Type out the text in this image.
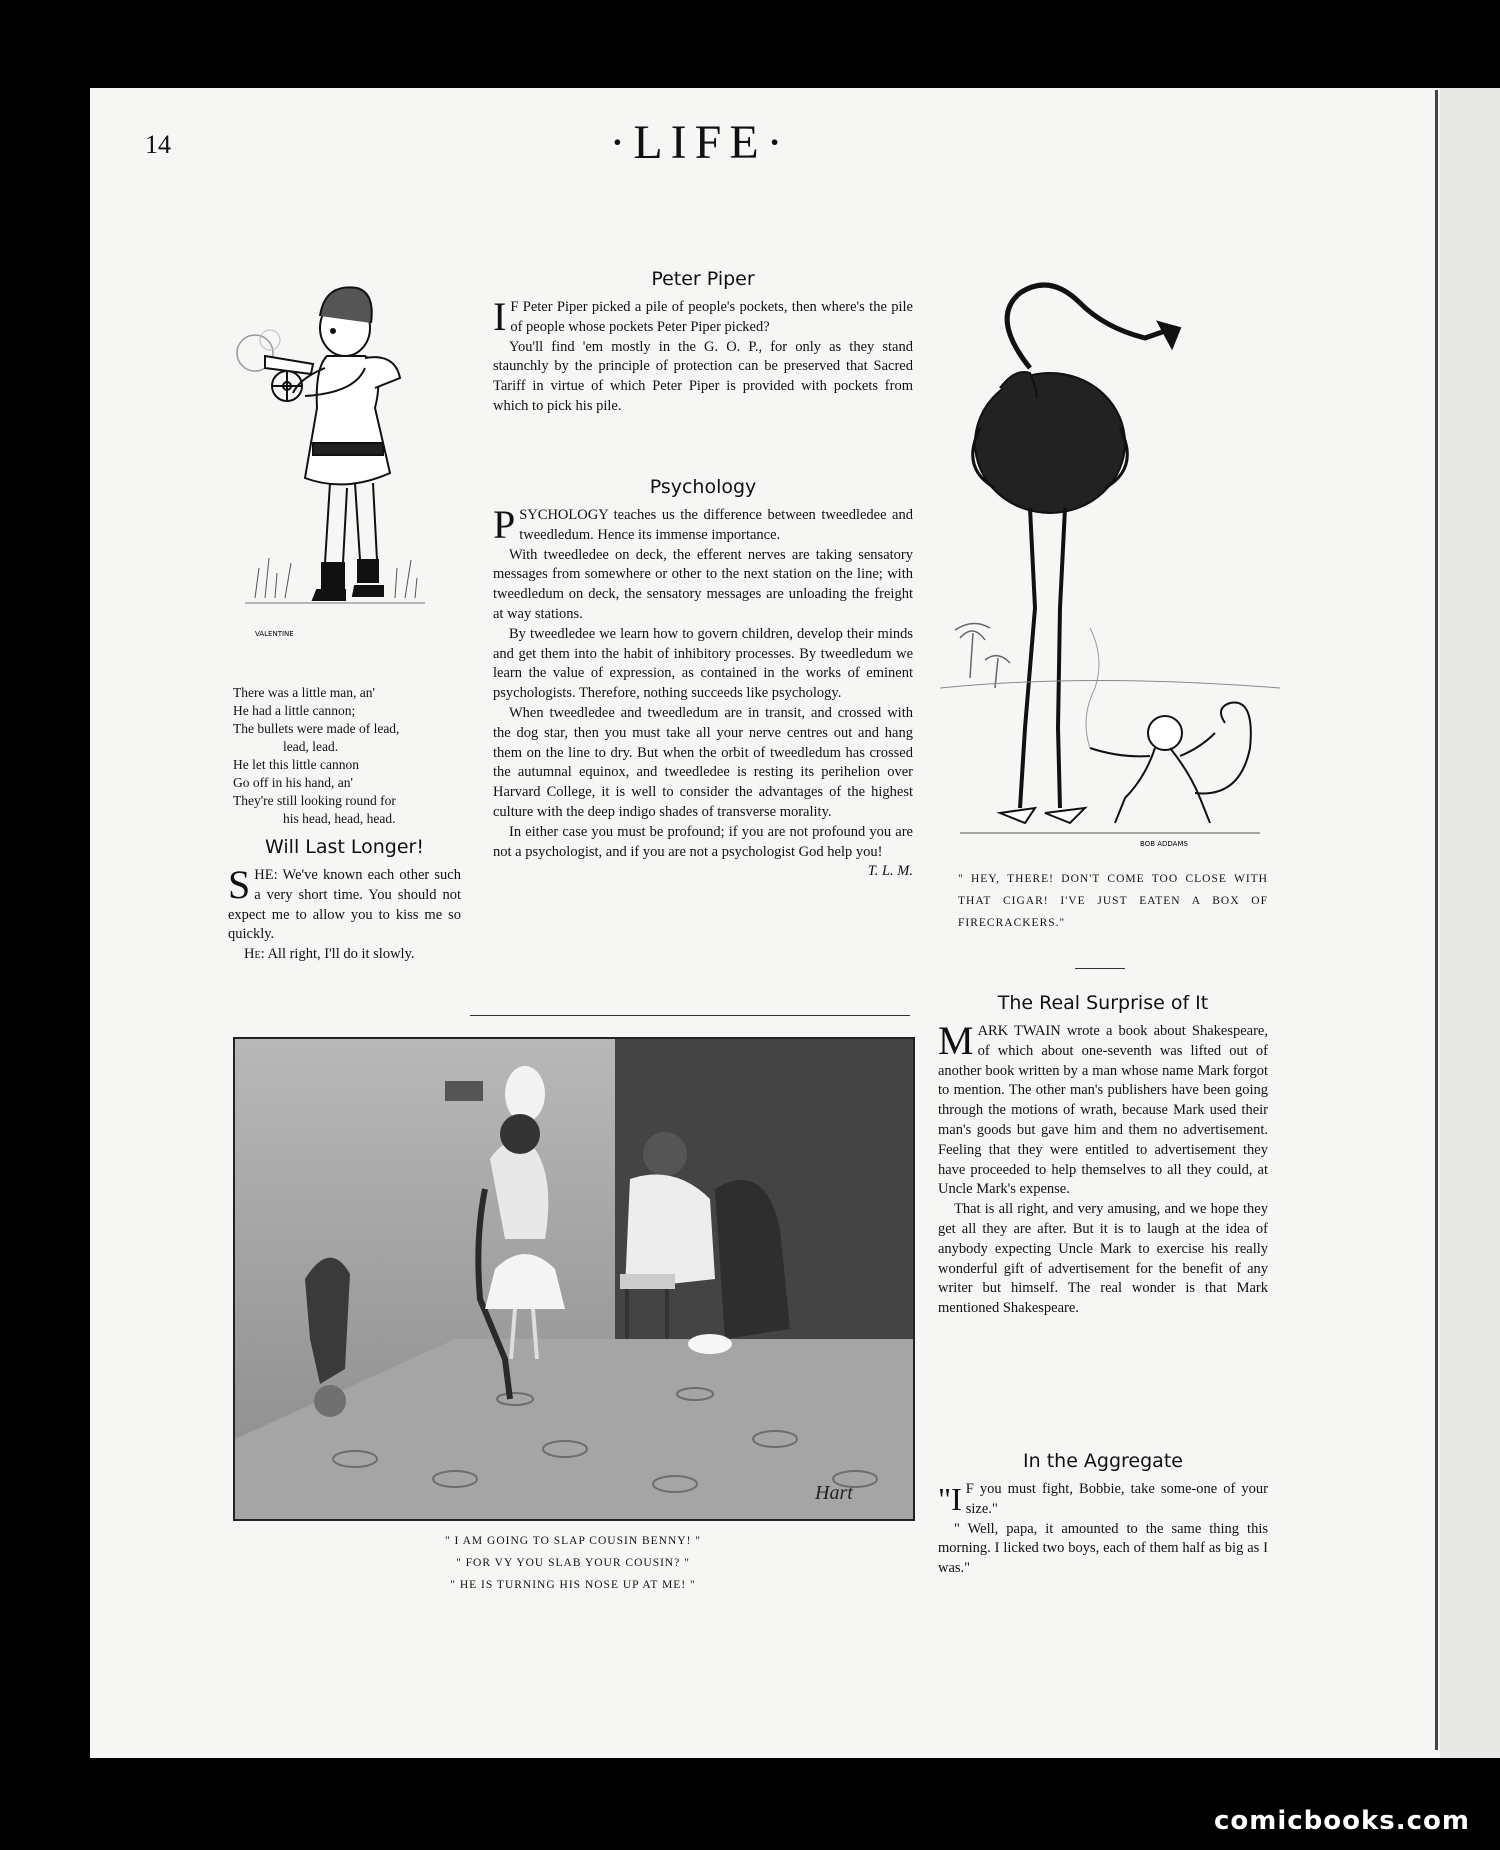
14	·LIFE·
VALENTINE
There was a little man, an'
He had a little cannon;
The bullets were made of lead,
lead, lead.
He let this little cannon
Go off in his hand, an'
They're still looking round for
his head, head, head.
Will Last Longer!

SHE: We've known each other such a very short time. You should not expect me to allow you to kiss me so quickly.

He: All right, I'll do it slowly.

Peter Piper

I F Peter Piper picked a pile of people's pockets, then where's the pile of people whose pockets Peter Piper picked?

You'll find 'em mostly in the G. O. P., for only as they stand staunchly by the principle of protection can be preserved that Sacred Tariff in virtue of which Peter Piper is provided with pockets from which to pick his pile.

Psychology

PSYCHOLOGY teaches us the difference between tweedledee and tweedledum. Hence its immense importance.

With tweedledee on deck, the efferent nerves are taking sensatory messages from somewhere or other to the next station on the line; with tweedledum on deck, the sensatory messages are unloading the freight at way stations.

By tweedledee we learn how to govern children, develop their minds and get them into the habit of inhibitory processes. By tweedledum we learn the value of expression, as contained in the works of eminent psychologists. Therefore, nothing succeeds like psychology.

When tweedledee and tweedledum are in transit, and crossed with the dog star, then you must take all your nerve centres out and hang them on the line to dry. But when the orbit of tweedledum has crossed the autumnal equinox, and tweedledee is resting its perihelion over Harvard College, it is well to consider the advantages of the highest culture with the deep indigo shades of transverse morality.

In either case you must be profound; if you are not profound you are not a psychologist, and if you are not a psychologist God help you!
T. L. M.

BOB ADDAMS
" HEY, THERE! DON'T COME TOO CLOSE WITH THAT CIGAR! I'VE JUST EATEN A BOX OF FIRECRACKERS."
The Real Surprise of It

MARK TWAIN wrote a book about Shakespeare, of which about one-seventh was lifted out of another book written by a man whose name Mark forgot to mention. The other man's publishers have been going through the motions of wrath, because Mark used their man's goods but gave him and them no advertisement. Feeling that they were entitled to advertisement they have proceeded to help themselves to all they could, at Uncle Mark's expense.

That is all right, and very amusing, and we hope they get all they are after. But it is to laugh at the idea of anybody expecting Uncle Mark to exercise his really wonderful gift of advertisement for the benefit of any writer but himself. The real wonder is that Mark mentioned Shakespeare.

In the Aggregate

"I F you must fight, Bobbie, take some-one of your size."

" Well, papa, it amounted to the same thing this morning. I licked two boys, each of them half as big as I was."

Hart
" I AM GOING TO SLAP COUSIN BENNY! "
" FOR VY YOU SLAB YOUR COUSIN? "
" HE IS TURNING HIS NOSE UP AT ME! "
comicbooks.com
